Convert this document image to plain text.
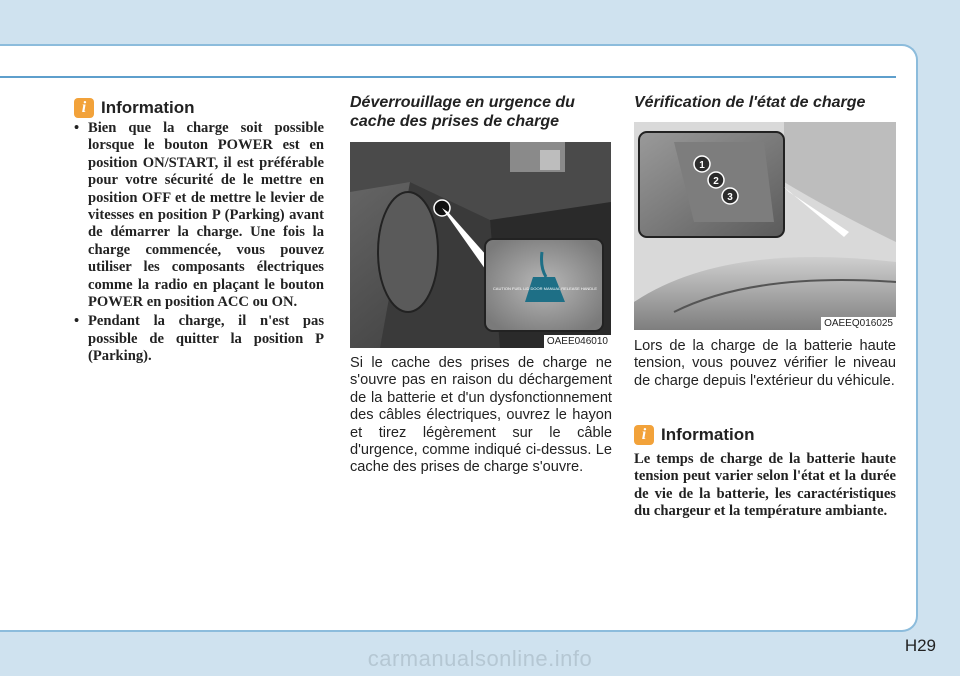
i Information
• Bien que la charge soit possible lorsque le bouton POWER est en position ON/START, il est préférable pour votre sécurité de le mettre en position OFF et de mettre le levier de vitesses en position P (Parking) avant de démarrer la charge. Une fois la charge commencée, vous pouvez utiliser les composants électriques comme la radio en plaçant le bouton POWER en position ACC ou ON.
• Pendant la charge, il n'est pas possible de quitter la position P (Parking).
Déverrouillage en urgence du cache des prises de charge
CAUTION FUEL LID DOOR MANUAL RELEASE HANDLE
OAEE046010
Si le cache des prises de charge ne s'ouvre pas en raison du déchargement de la batterie et d'un dysfonctionnement des câbles électriques, ouvrez le hayon et tirez légèrement sur le câble d'urgence, comme indiqué ci-dessus. Le cache des prises de charge s'ouvre.
Vérification de l'état de charge
1
2
3
OAEEQ016025
Lors de la charge de la batterie haute tension, vous pouvez vérifier le niveau de charge depuis l'extérieur du véhicule.
i Information
Le temps de charge de la batterie haute tension peut varier selon l'état et la durée de vie de la batterie, les caractéristiques du chargeur et la température ambiante.
H29
carmanualsonline.info
